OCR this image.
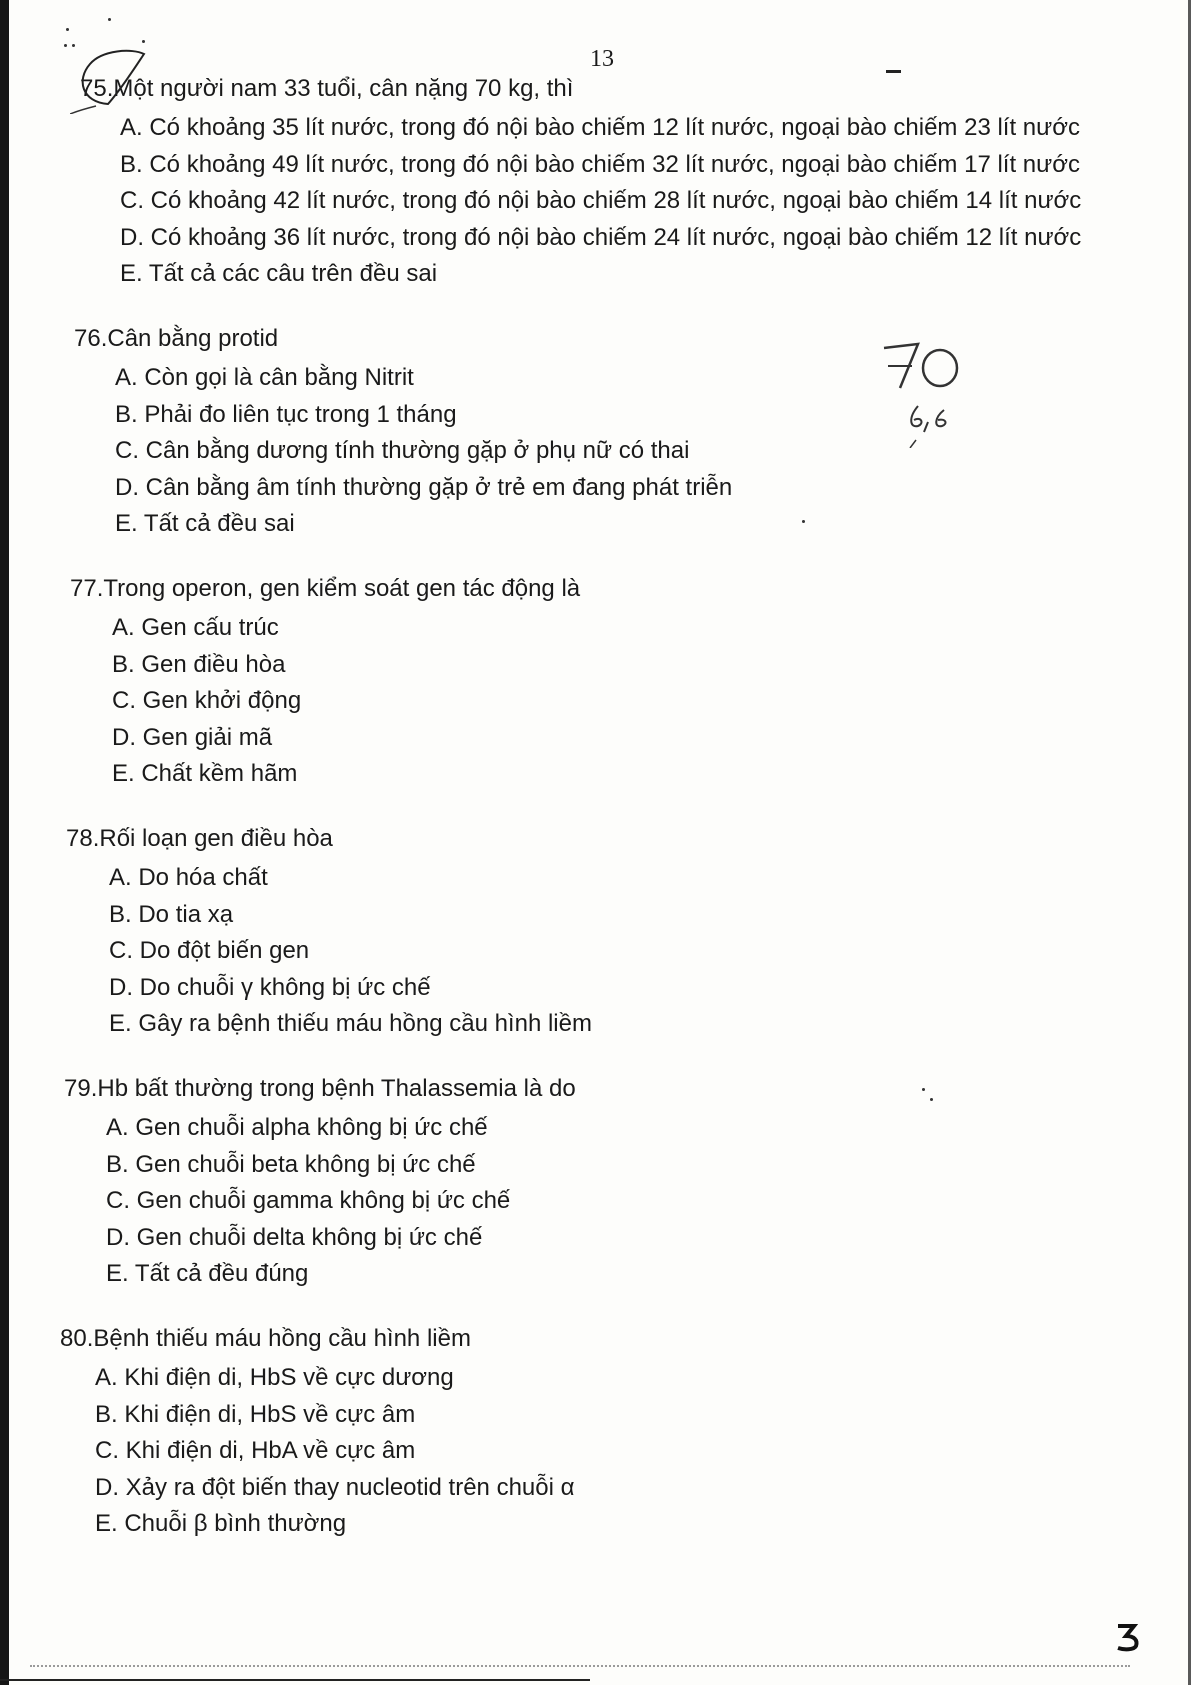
13
75.Một người nam 33 tuổi, cân nặng 70 kg, thì
A. Có khoảng 35 lít nước, trong đó nội bào chiếm 12 lít nước, ngoại bào chiếm 23 lít nước
B. Có khoảng 49 lít nước, trong đó nội bào chiếm 32 lít nước, ngoại bào chiếm 17 lít nước
C. Có khoảng 42 lít nước, trong đó nội bào chiếm 28 lít nước, ngoại bào chiếm 14 lít nước
D. Có khoảng 36 lít nước, trong đó nội bào chiếm 24 lít nước, ngoại bào chiếm 12 lít nước
E. Tất cả các câu trên đều sai
76.Cân bằng protid
A. Còn gọi là cân bằng Nitrit
B. Phải đo liên tục trong 1 tháng
C. Cân bằng dương tính thường gặp ở phụ nữ có thai
D. Cân bằng âm tính thường gặp ở trẻ em đang phát triễn
E. Tất cả đều sai
77.Trong operon, gen kiểm soát gen tác động là
A. Gen cấu trúc
B. Gen điều hòa
C. Gen khởi động
D. Gen giải mã
E. Chất kềm hãm
78.Rối loạn gen điều hòa
A. Do hóa chất
B. Do tia xạ
C. Do đột biến gen
D. Do chuỗi γ không bị ức chế
E. Gây ra bệnh thiếu máu hồng cầu hình liềm
79.Hb bất thường trong bệnh Thalassemia là do
A. Gen chuỗi alpha không bị ức chế
B. Gen chuỗi beta không bị ức chế
C. Gen chuỗi gamma không bị ức chế
D. Gen chuỗi delta không bị ức chế
E. Tất cả đều đúng
80.Bệnh thiếu máu hồng cầu hình liềm
A. Khi điện di, HbS về cực dương
B. Khi điện di, HbS về cực âm
C. Khi điện di, HbA về cực âm
D. Xảy ra đột biến thay nucleotid trên chuỗi α
E. Chuỗi β bình thường
